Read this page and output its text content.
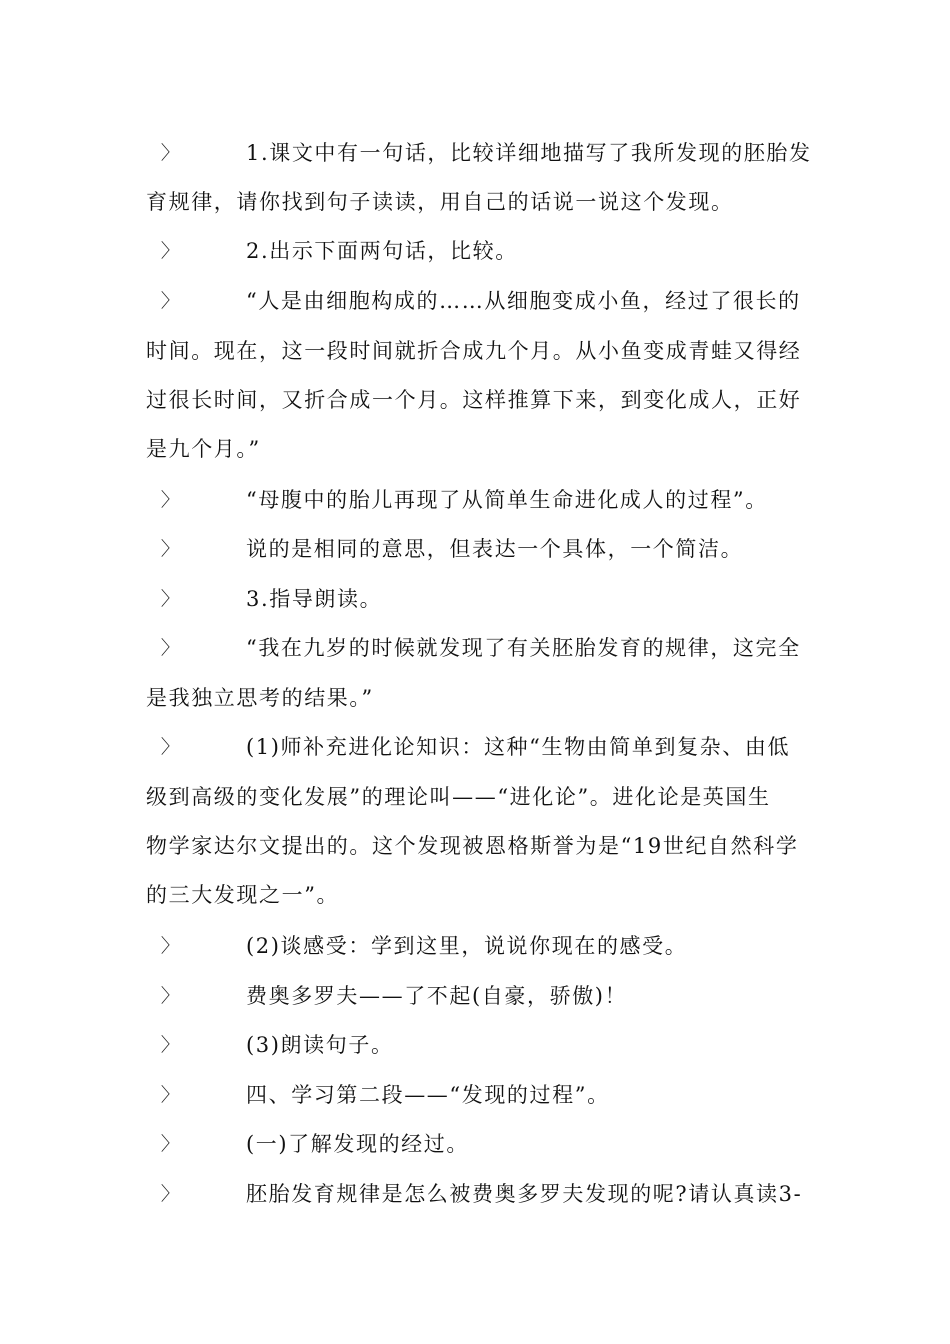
〉	1.课文中有一句话，比较详细地描写了我所发现的胚胎发
育规律，请你找到句子读读，用自己的话说一说这个发现。
〉	2.出示下面两句话，比较。
〉	“人是由细胞构成的……从细胞变成小鱼，经过了很长的
时间。现在，这一段时间就折合成九个月。从小鱼变成青蛙又得经
过很长时间，又折合成一个月。这样推算下来，到变化成人，正好
是九个月。”
〉	“母腹中的胎儿再现了从简单生命进化成人的过程”。
〉	说的是相同的意思，但表达一个具体，一个简洁。
〉	3.指导朗读。
〉	“我在九岁的时候就发现了有关胚胎发育的规律，这完全
是我独立思考的结果。”
〉	(1)师补充进化论知识：这种“生物由简单到复杂、由低
级到高级的变化发展”的理论叫——“进化论”。进化论是英国生
物学家达尔文提出的。这个发现被恩格斯誉为是“19世纪自然科学
的三大发现之一”。
〉	(2)谈感受：学到这里，说说你现在的感受。
〉	费奥多罗夫——了不起(自豪，骄傲)！
〉	(3)朗读句子。
〉	四、学习第二段——“发现的过程”。
〉	(一)了解发现的经过。
〉	胚胎发育规律是怎么被费奥多罗夫发现的呢?请认真读3-
